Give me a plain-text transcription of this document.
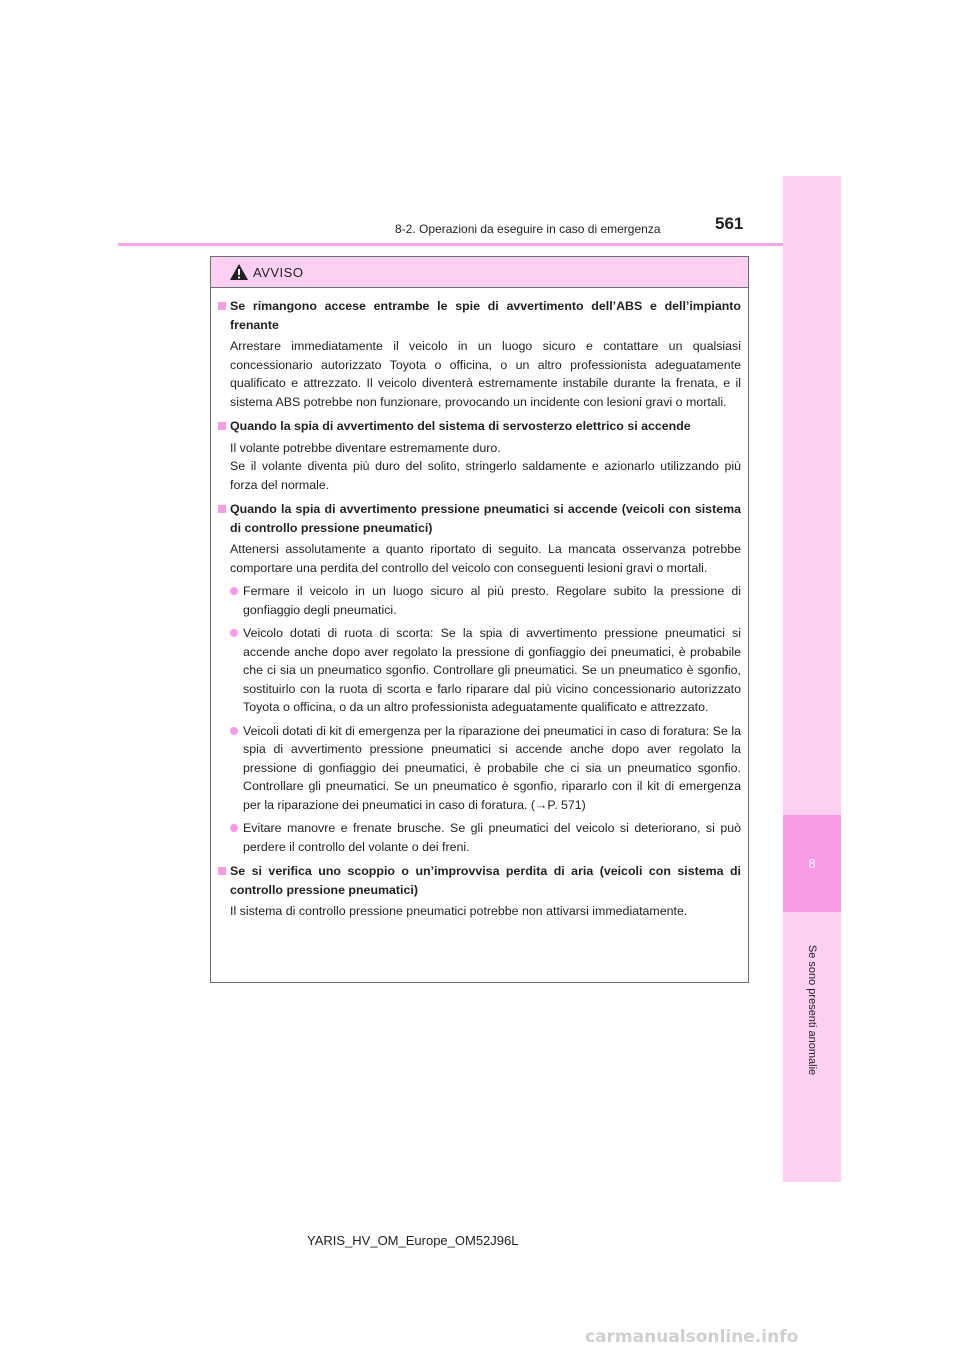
8
Se sono presenti anomalie
8-2. Operazioni da eseguire in caso di emergenza	561
AVVISO
Se rimangono accese entrambe le spie di avvertimento dell’ABS e dell’impianto frenante
Arrestare immediatamente il veicolo in un luogo sicuro e contattare un qualsiasi concessionario autorizzato Toyota o officina, o un altro professionista adeguatamente qualificato e attrezzato. Il veicolo diventerà estremamente instabile durante la frenata, e il sistema ABS potrebbe non funzionare, provocando un incidente con lesioni gravi o mortali.
Quando la spia di avvertimento del sistema di servosterzo elettrico si accende
Il volante potrebbe diventare estremamente duro.
Se il volante diventa più duro del solito, stringerlo saldamente e azionarlo utilizzando più forza del normale.
Quando la spia di avvertimento pressione pneumatici si accende (veicoli con sistema di controllo pressione pneumatici)
Attenersi assolutamente a quanto riportato di seguito. La mancata osservanza potrebbe comportare una perdita del controllo del veicolo con conseguenti lesioni gravi o mortali.
Fermare il veicolo in un luogo sicuro al più presto. Regolare subito la pressione di gonfiaggio degli pneumatici.
Veicolo dotati di ruota di scorta: Se la spia di avvertimento pressione pneumatici si accende anche dopo aver regolato la pressione di gonfiaggio dei pneumatici, è probabile che ci sia un pneumatico sgonfio. Controllare gli pneumatici. Se un pneumatico è sgonfio, sostituirlo con la ruota di scorta e farlo riparare dal più vicino concessionario autorizzato Toyota o officina, o da un altro professionista adeguatamente qualificato e attrezzato.
Veicoli dotati di kit di emergenza per la riparazione dei pneumatici in caso di foratura: Se la spia di avvertimento pressione pneumatici si accende anche dopo aver regolato la pressione di gonfiaggio dei pneumatici, è probabile che ci sia un pneumatico sgonfio. Controllare gli pneumatici. Se un pneumatico è sgonfio, ripararlo con il kit di emergenza per la riparazione dei pneumatici in caso di foratura. (→P. 571)
Evitare manovre e frenate brusche. Se gli pneumatici del veicolo si deteriorano, si può perdere il controllo del volante o dei freni.
Se si verifica uno scoppio o un’improvvisa perdita di aria (veicoli con sistema di controllo pressione pneumatici)
Il sistema di controllo pressione pneumatici potrebbe non attivarsi immediatamente.
YARIS_HV_OM_Europe_OM52J96L
carmanualsonline.info
